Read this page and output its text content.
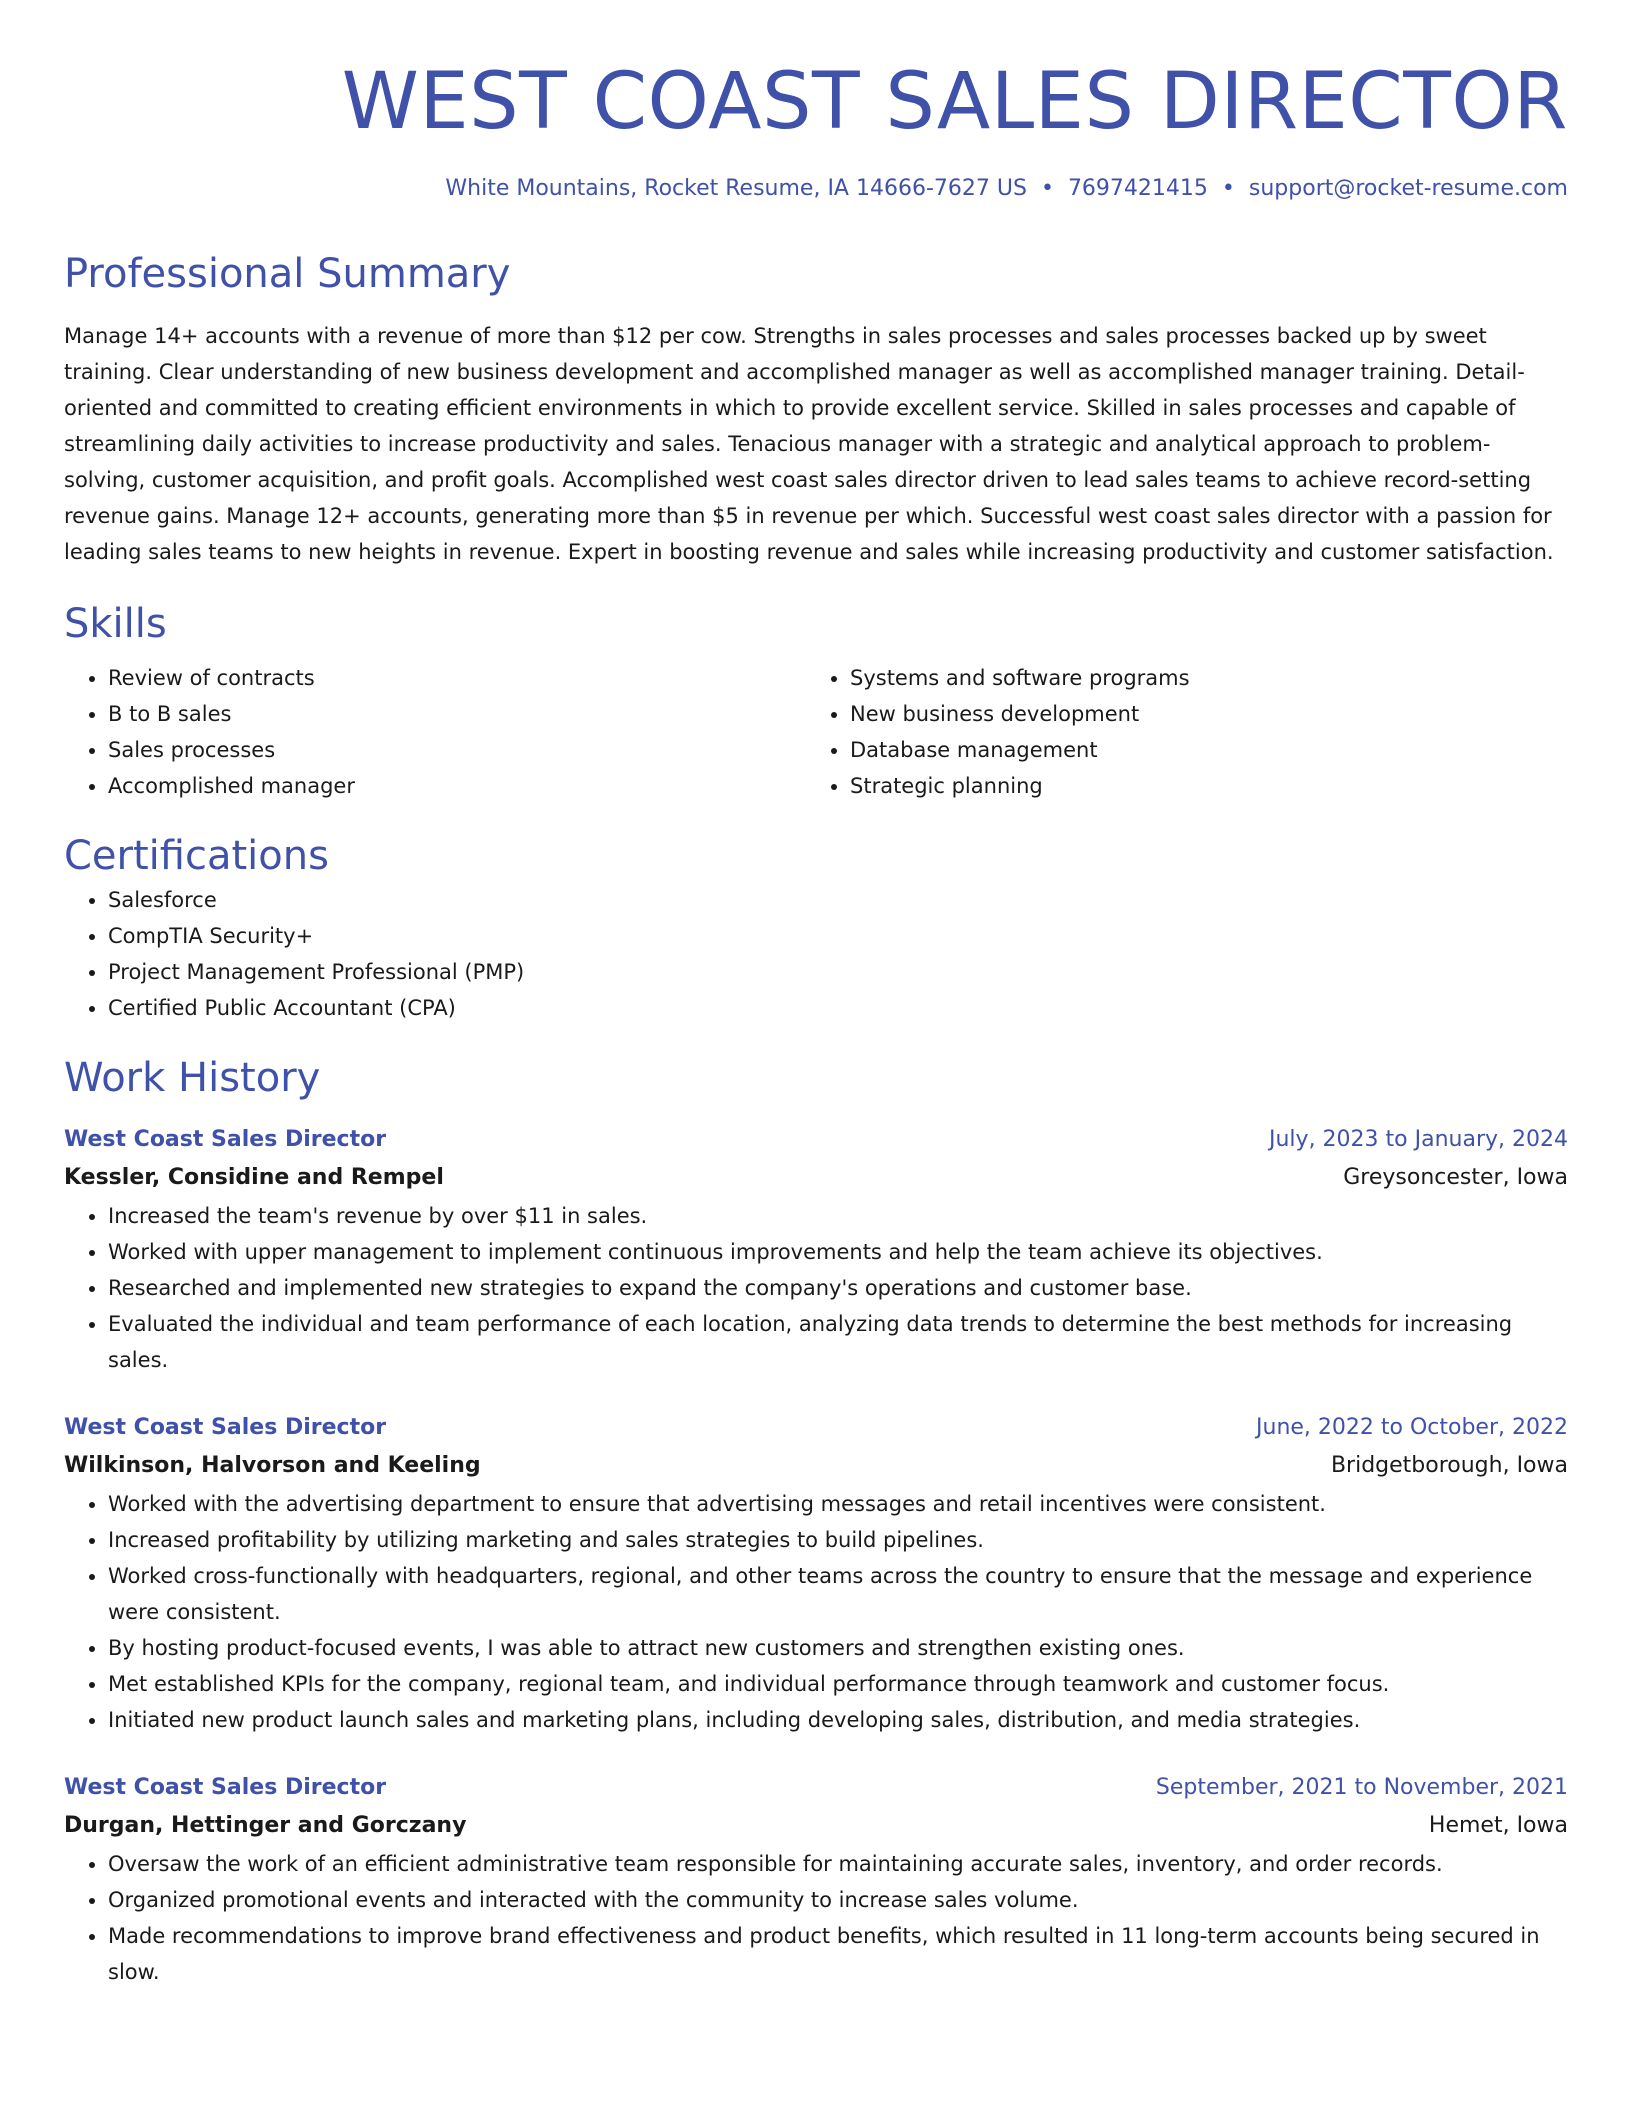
WEST COAST SALES DIRECTOR
White Mountains, Rocket Resume, IA 14666-7627 US • 7697421415 • support@rocket-resume.com
Professional Summary
Manage 14+ accounts with a revenue of more than $12 per cow. Strengths in sales processes and sales processes backed up by sweet training. Clear understanding of new business development and accomplished manager as well as accomplished manager training. Detail-oriented and committed to creating efficient environments in which to provide excellent service. Skilled in sales processes and capable of streamlining daily activities to increase productivity and sales. Tenacious manager with a strategic and analytical approach to problem-solving, customer acquisition, and profit goals. Accomplished west coast sales director driven to lead sales teams to achieve record-setting revenue gains. Manage 12+ accounts, generating more than $5 in revenue per which. Successful west coast sales director with a passion for leading sales teams to new heights in revenue. Expert in boosting revenue and sales while increasing productivity and customer satisfaction.
Skills
• Review of contracts
• B to B sales
• Sales processes
• Accomplished manager
• Systems and software programs
• New business development
• Database management
• Strategic planning
Certifications
• Salesforce
• CompTIA Security+
• Project Management Professional (PMP)
• Certified Public Accountant (CPA)
Work History
West Coast Sales Director	July, 2023 to January, 2024
Kessler, Considine and Rempel	Greysoncester, Iowa
• Increased the team's revenue by over $11 in sales.
• Worked with upper management to implement continuous improvements and help the team achieve its objectives.
• Researched and implemented new strategies to expand the company's operations and customer base.
• Evaluated the individual and team performance of each location, analyzing data trends to determine the best methods for increasing sales.
West Coast Sales Director	June, 2022 to October, 2022
Wilkinson, Halvorson and Keeling	Bridgetborough, Iowa
• Worked with the advertising department to ensure that advertising messages and retail incentives were consistent.
• Increased profitability by utilizing marketing and sales strategies to build pipelines.
• Worked cross-functionally with headquarters, regional, and other teams across the country to ensure that the message and experience were consistent.
• By hosting product-focused events, I was able to attract new customers and strengthen existing ones.
• Met established KPIs for the company, regional team, and individual performance through teamwork and customer focus.
• Initiated new product launch sales and marketing plans, including developing sales, distribution, and media strategies.
West Coast Sales Director	September, 2021 to November, 2021
Durgan, Hettinger and Gorczany	Hemet, Iowa
• Oversaw the work of an efficient administrative team responsible for maintaining accurate sales, inventory, and order records.
• Organized promotional events and interacted with the community to increase sales volume.
• Made recommendations to improve brand effectiveness and product benefits, which resulted in 11 long-term accounts being secured in slow.
